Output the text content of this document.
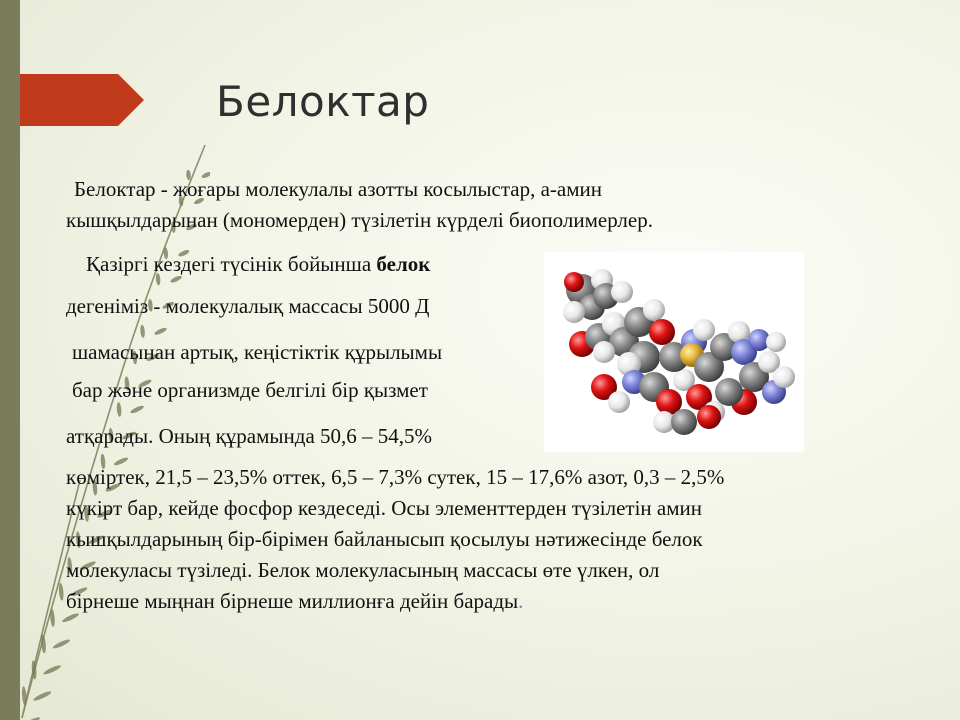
Белоктар

Белоктар - жоғары молекулалы азотты косылыстар, а-амин

кышқылдарынан (мономерден) түзілетін күрделі биополимерлер.

Қазіргі кездегі түсінік бойынша белок

дегеніміз - молекулалық массасы 5000 Д

шамасынан артық, кеңістіктік құрылымы

бар және организмде белгілі бір қызмет

атқарады. Оның құрамында 50,6 – 54,5%

көміртек, 21,5 – 23,5% оттек, 6,5 – 7,3% сутек, 15 – 17,6% азот, 0,3 – 2,5%

күкірт бар, кейде фосфор кездеседі. Осы элементтерден түзілетін амин

кышқылдарының бір-бірімен байланысып қосылуы нәтижесінде белок

молекуласы түзіледі. Белок молекуласының массасы өте үлкен, ол

бірнеше мыңнан бірнеше миллионға дейін барады.
